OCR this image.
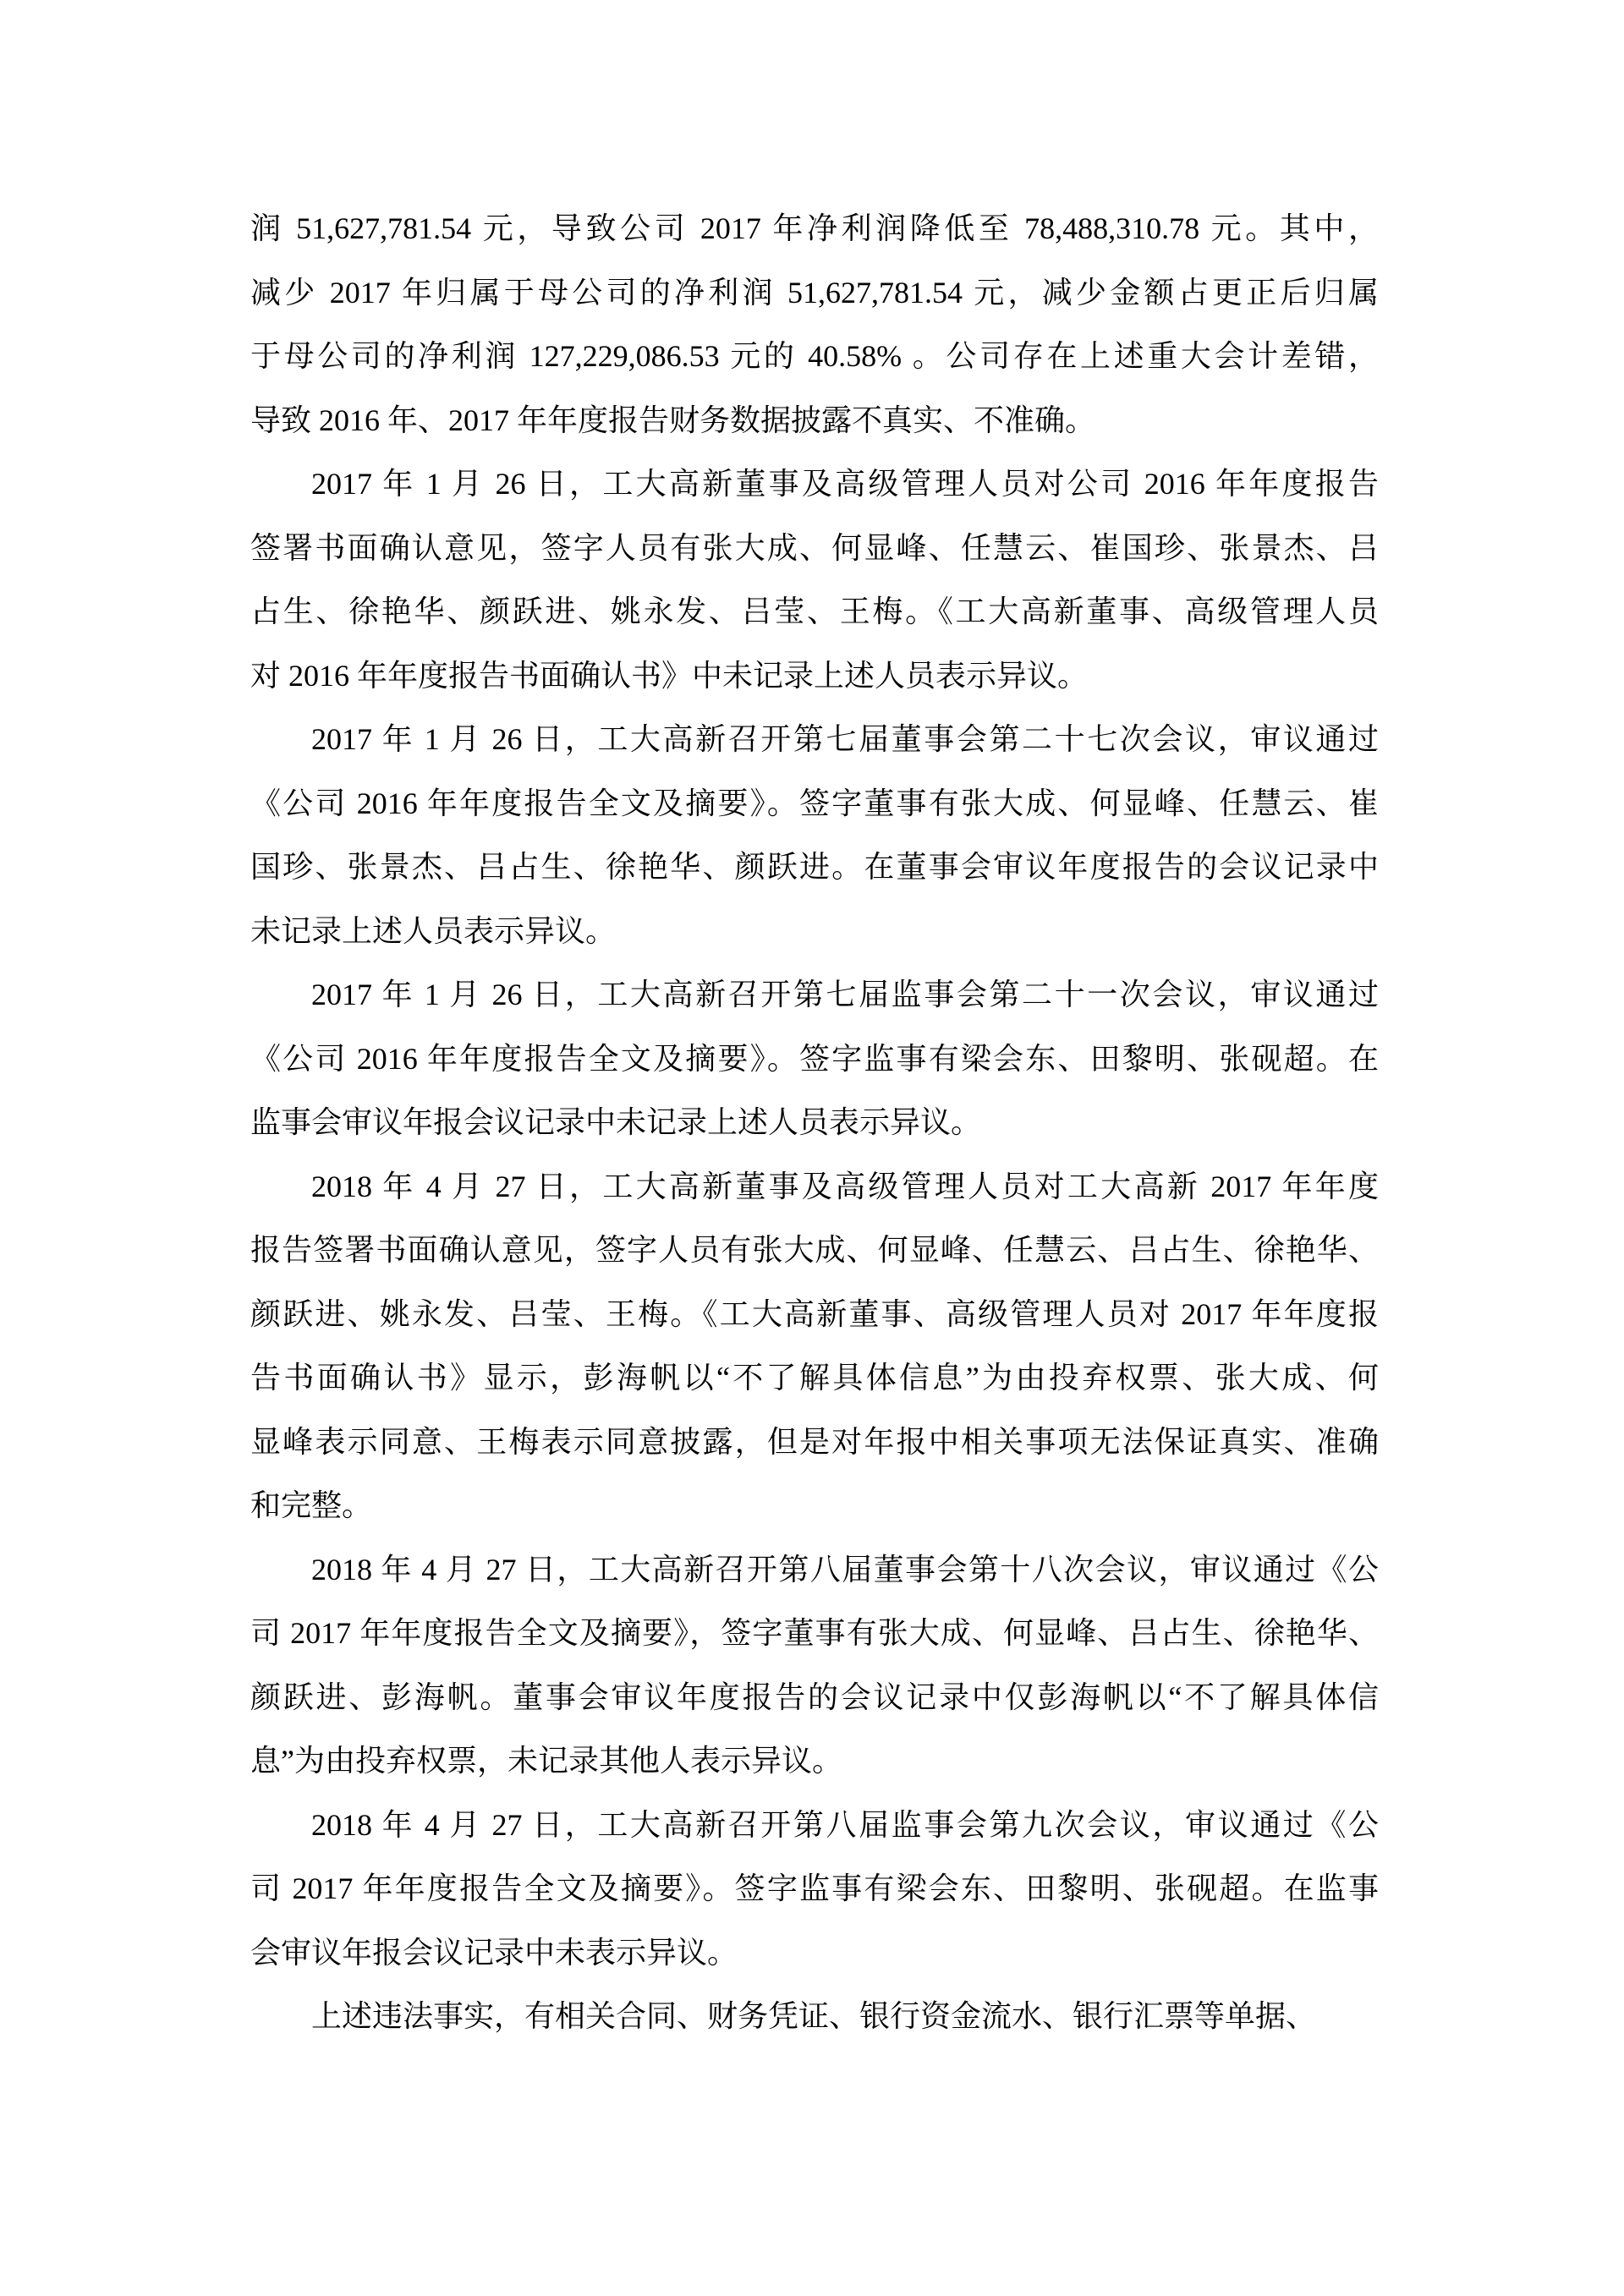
润 51,627,781.54 元，导致公司 2017 年净利润降低至 78,488,310.78 元。其中，
减少 2017 年归属于母公司的净利润 51,627,781.54 元，减少金额占更正后归属
于母公司的净利润 127,229,086.53 元的 40.58% 。公司存在上述重大会计差错，
导致 2016 年、2017 年年度报告财务数据披露不真实、不准确。
2017 年 1 月 26 日，工大高新董事及高级管理人员对公司 2016 年年度报告
签署书面确认意见，签字人员有张大成、何显峰、任慧云、崔国珍、张景杰、吕
占生、徐艳华、颜跃进、姚永发、吕莹、王梅。《工大高新董事、高级管理人员
对 2016 年年度报告书面确认书》中未记录上述人员表示异议。
2017 年 1 月 26 日，工大高新召开第七届董事会第二十七次会议，审议通过
《公司 2016 年年度报告全文及摘要》。签字董事有张大成、何显峰、任慧云、崔
国珍、张景杰、吕占生、徐艳华、颜跃进。在董事会审议年度报告的会议记录中
未记录上述人员表示异议。
2017 年 1 月 26 日，工大高新召开第七届监事会第二十一次会议，审议通过
《公司 2016 年年度报告全文及摘要》。签字监事有梁会东、田黎明、张砚超。在
监事会审议年报会议记录中未记录上述人员表示异议。
2018 年 4 月 27 日，工大高新董事及高级管理人员对工大高新 2017 年年度
报告签署书面确认意见，签字人员有张大成、何显峰、任慧云、吕占生、徐艳华、
颜跃进、姚永发、吕莹、王梅。《工大高新董事、高级管理人员对 2017 年年度报
告书面确认书》显示，彭海帆以“不了解具体信息”为由投弃权票、张大成、何
显峰表示同意、王梅表示同意披露，但是对年报中相关事项无法保证真实、准确
和完整。
2018 年 4 月 27 日，工大高新召开第八届董事会第十八次会议，审议通过《公
司 2017 年年度报告全文及摘要》，签字董事有张大成、何显峰、吕占生、徐艳华、
颜跃进、彭海帆。董事会审议年度报告的会议记录中仅彭海帆以“不了解具体信
息”为由投弃权票，未记录其他人表示异议。
2018 年 4 月 27 日，工大高新召开第八届监事会第九次会议，审议通过《公
司 2017 年年度报告全文及摘要》。签字监事有梁会东、田黎明、张砚超。在监事
会审议年报会议记录中未表示异议。
上述违法事实，有相关合同、财务凭证、银行资金流水、银行汇票等单据、
